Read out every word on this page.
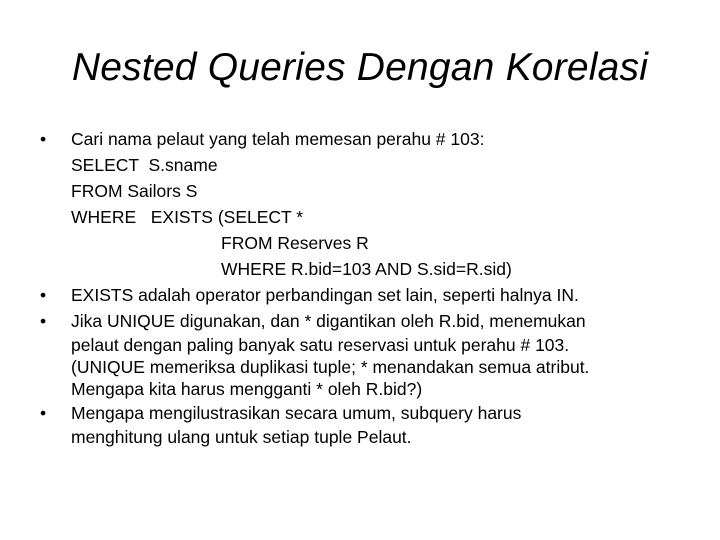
Nested Queries Dengan Korelasi
•	Cari nama pelaut yang telah memesan perahu # 103:
SELECT  S.sname
FROM Sailors S
WHERE   EXISTS (SELECT *
FROM Reserves R
WHERE R.bid=103 AND S.sid=R.sid)
•	EXISTS adalah operator perbandingan set lain, seperti halnya IN.
•	Jika UNIQUE digunakan, dan * digantikan oleh R.bid, menemukan
pelaut dengan paling banyak satu reservasi untuk perahu # 103.
(UNIQUE memeriksa duplikasi tuple; * menandakan semua atribut.
Mengapa kita harus mengganti * oleh R.bid?)
•	Mengapa mengilustrasikan secara umum, subquery harus
menghitung ulang untuk setiap tuple Pelaut.
